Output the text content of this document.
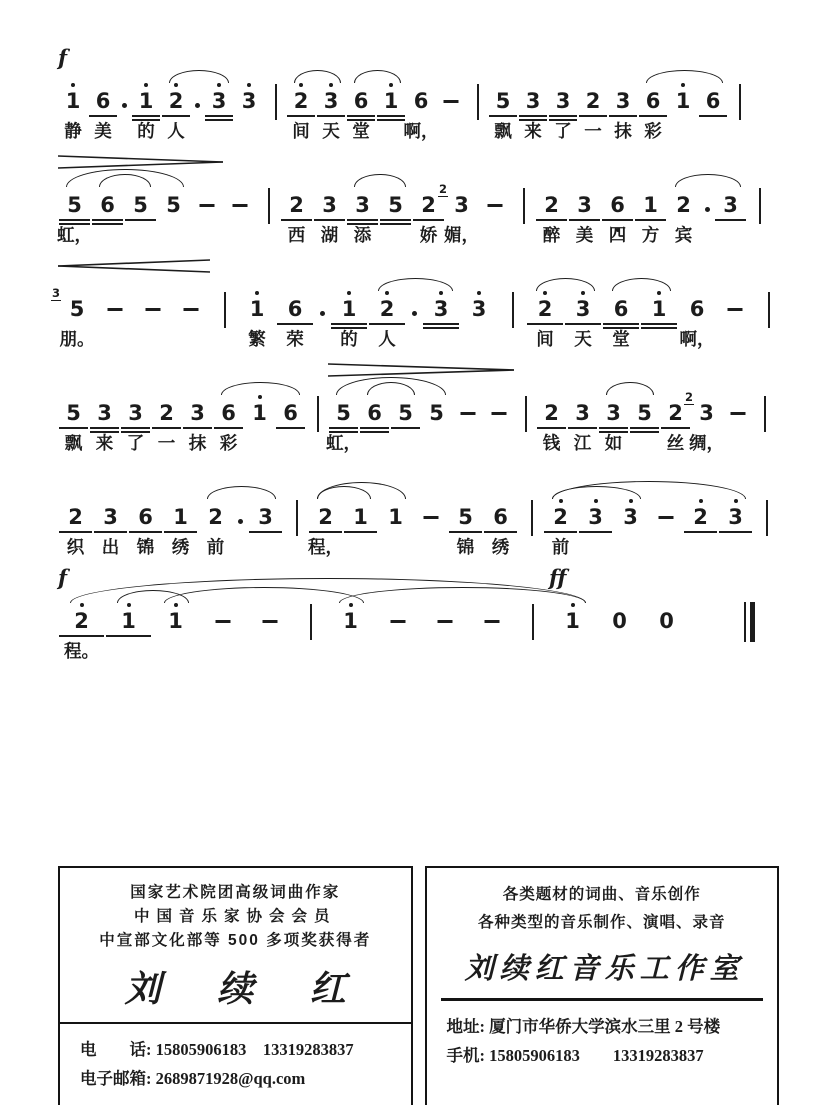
1 6	1 2	3 3	2 3 6 1 6	5 3 3 2 3 6 1 6
静 美 的 人	间 天 堂 啊，	飘 来 了 一 抹 彩
f
5 6 5 5	2 3 3 5 2 3
2
2 3 6 1 2	3
虹，	西 湖 添	娇 媚，	醉 美 四 方 宾
5
3
1	6	1	2	3	3	2	3	6	1	6
朋。	繁 荣 的 人	间 天 堂	啊，
5 3 3 2 3 6 1 6	5 6 5 5	2 3 3 5 2 3
2
飘 来 了 一 抹 彩	虹，	钱 江 如	丝 绸，
2 3 6 1 2	3	2 1 1	5 6	2 3 3	2 3
织 出 锦 绣 前	程，	锦 绣 前
2	1	1	1	1	0	0
程。
f	ff
国家艺术院团高级词曲作家
中国音乐家协会会员
中宣部文化部等 500 多项奖获得者
刘 续 红
电        话: 15805906183    13319283837
电子邮箱: 2689871928@qq.com
各类题材的词曲、音乐创作
各种类型的音乐制作、演唱、录音
刘续红音乐工作室
地址: 厦门市华侨大学滨水三里 2 号楼
手机: 15805906183        13319283837
